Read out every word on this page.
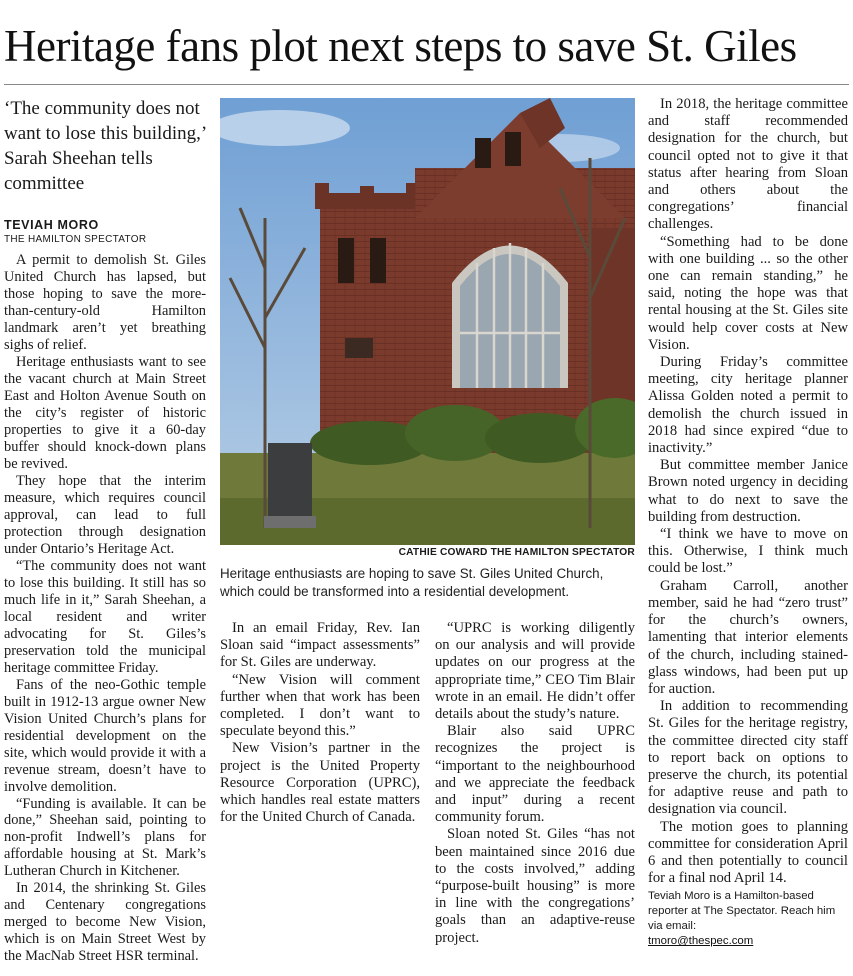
Heritage fans plot next steps to save St. Giles
‘The community does not want to lose this building,’ Sarah Sheehan tells committee
TEVIAH MORO
THE HAMILTON SPECTATOR
CATHIE COWARD THE HAMILTON SPECTATOR
Heritage enthusiasts are hoping to save St. Giles United Church, which could be transformed into a residential development.

A permit to demolish St. Giles United Church has lapsed, but those hoping to save the more-than-century-old Hamilton landmark aren’t yet breathing sighs of relief.

Heritage enthusiasts want to see the vacant church at Main Street East and Holton Avenue South on the city’s register of historic properties to give it a 60-day buffer should knock-down plans be revived.

They hope that the interim measure, which requires council approval, can lead to full protection through designation under Ontario’s Heritage Act.

“The community does not want to lose this building. It still has so much life in it,” Sarah Sheehan, a local resident and writer advocating for St. Giles’s preservation told the municipal heritage committee Friday.

Fans of the neo-Gothic temple built in 1912-13 argue owner New Vision United Church’s plans for residential development on the site, which would provide it with a revenue stream, doesn’t have to involve demolition.

“Funding is available. It can be done,” Sheehan said, pointing to non-profit Indwell’s plans for affordable housing at St. Mark’s Lutheran Church in Kitchener.

In 2014, the shrinking St. Giles and Centenary congregations merged to become New Vision, which is on Main Street West by the MacNab Street HSR terminal.

In an email Friday, Rev. Ian Sloan said “impact assessments” for St. Giles are underway.

“New Vision will comment further when that work has been completed. I don’t want to speculate beyond this.”

New Vision’s partner in the project is the United Property Resource Corporation (UPRC), which handles real estate matters for the United Church of Canada.

“UPRC is working diligently on our analysis and will provide updates on our progress at the appropriate time,” CEO Tim Blair wrote in an email. He didn’t offer details about the study’s nature.

Blair also said UPRC recognizes the project is “important to the neighbourhood and we appreciate the feedback and input” during a recent community forum.

Sloan noted St. Giles “has not been maintained since 2016 due to the costs involved,” adding “purpose-built housing” is more in line with the congregations’ goals than an adaptive-reuse project.

In 2018, the heritage committee and staff recommended designation for the church, but council opted not to give it that status after hearing from Sloan and others about the congregations’ financial challenges.

“Something had to be done with one building ... so the other one can remain standing,” he said, noting the hope was that rental housing at the St. Giles site would help cover costs at New Vision.

During Friday’s committee meeting, city heritage planner Alissa Golden noted a permit to demolish the church issued in 2018 had since expired “due to inactivity.”

But committee member Janice Brown noted urgency in deciding what to do next to save the building from destruction.

“I think we have to move on this. Otherwise, I think much could be lost.”

Graham Carroll, another member, said he had “zero trust” for the church’s owners, lamenting that interior elements of the church, including stained-glass windows, had been put up for auction.

In addition to recommending St. Giles for the heritage registry, the committee directed city staff to report back on options to preserve the church, its potential for adaptive reuse and path to designation via council.

The motion goes to planning committee for consideration April 6 and then potentially to council for a final nod April 14.

Teviah Moro is a Hamilton-based reporter at The Spectator. Reach him via email:
tmoro@thespec.com
